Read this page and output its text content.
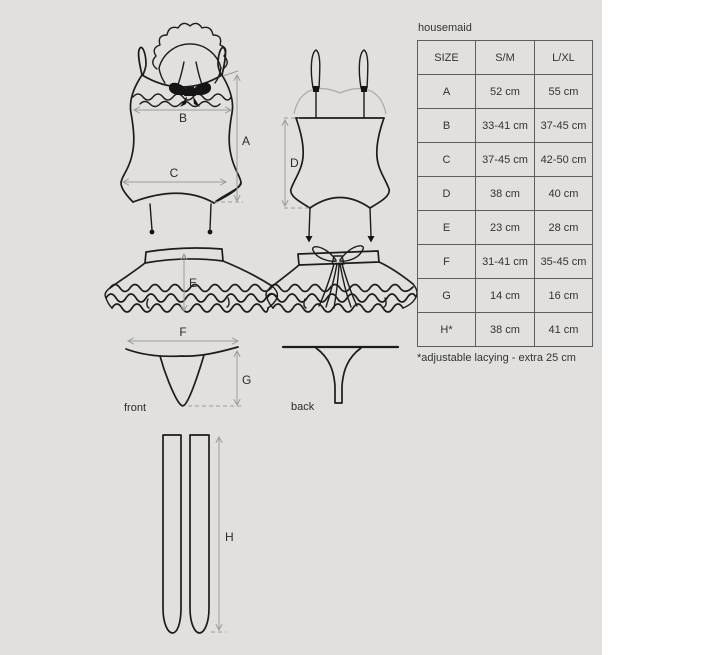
B
C
A
D
E
front
F
G
back
H
housemaid
SIZE	S/M	L/XL
A	52 cm	55 cm
B	33-41 cm	37-45 cm
C	37-45 cm	42-50 cm
D	38 cm	40 cm
E	23 cm	28 cm
F	31-41 cm	35-45 cm
G	14 cm	16 cm
H*	38 cm	41 cm
*adjustable lacying - extra 25 cm
